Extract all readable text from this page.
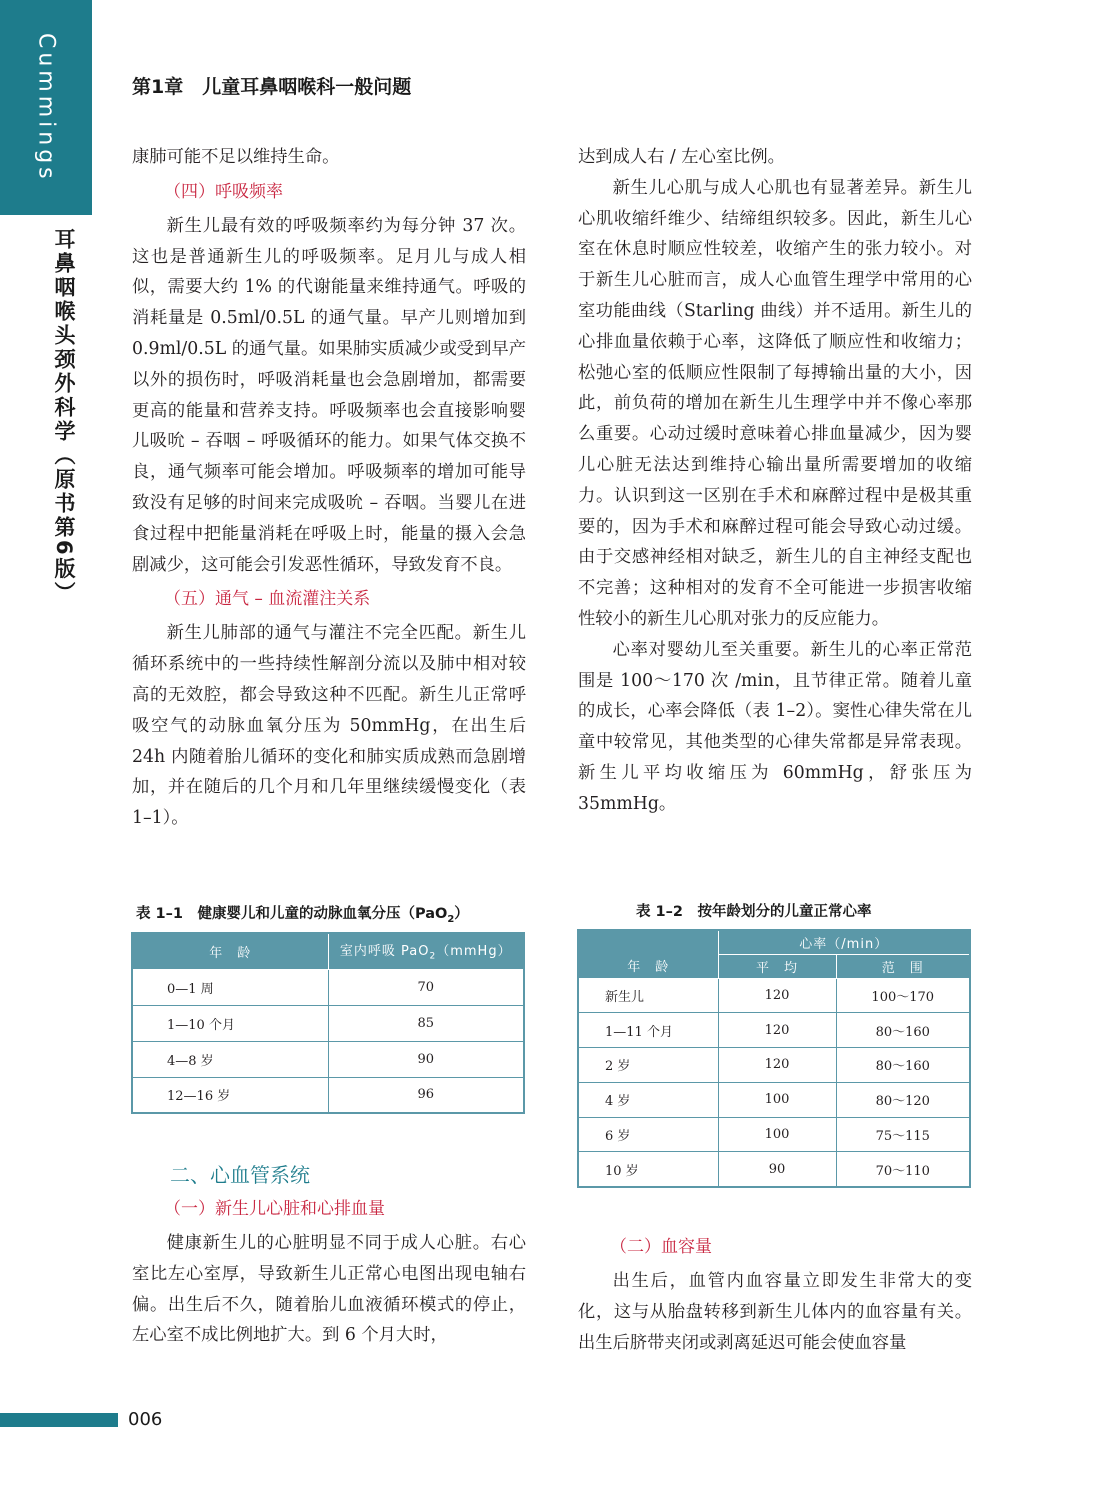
Cummings
耳鼻咽喉头颈外科学（原书第6版）
第1章　儿童耳鼻咽喉科一般问题

康肺可能不足以维持生命。

（四）呼吸频率

新生儿最有效的呼吸频率约为每分钟 37 次。这也是普通新生儿的呼吸频率。足月儿与成人相似，需要大约 1% 的代谢能量来维持通气。呼吸的消耗量是 0.5ml/0.5L 的通气量。早产儿则增加到 0.9ml/0.5L 的通气量。如果肺实质减少或受到早产以外的损伤时，呼吸消耗量也会急剧增加，都需要更高的能量和营养支持。呼吸频率也会直接影响婴儿吸吮 – 吞咽 – 呼吸循环的能力。如果气体交换不良，通气频率可能会增加。呼吸频率的增加可能导致没有足够的时间来完成吸吮 – 吞咽。当婴儿在进食过程中把能量消耗在呼吸上时，能量的摄入会急剧减少，这可能会引发恶性循环，导致发育不良。

（五）通气 – 血流灌注关系

新生儿肺部的通气与灌注不完全匹配。新生儿循环系统中的一些持续性解剖分流以及肺中相对较高的无效腔，都会导致这种不匹配。新生儿正常呼吸空气的动脉血氧分压为 50mmHg，在出生后 24h 内随着胎儿循环的变化和肺实质成熟而急剧增加，并在随后的几个月和几年里继续缓慢变化（表 1–1）。

表 1–1　健康婴儿和儿童的动脉血氧分压（PaO$_2$）
年　龄	室内呼吸 PaO$_2$（mmHg）
0—1 周	70
1—10 个月	85
4—8 岁	90
12—16 岁	96
二、心血管系统
（一）新生儿心脏和心排血量

健康新生儿的心脏明显不同于成人心脏。右心室比左心室厚，导致新生儿正常心电图出现电轴右偏。出生后不久，随着胎儿血液循环模式的停止，左心室不成比例地扩大。到 6 个月大时，

达到成人右 / 左心室比例。

新生儿心肌与成人心肌也有显著差异。新生儿心肌收缩纤维少、结缔组织较多。因此，新生儿心室在休息时顺应性较差，收缩产生的张力较小。对于新生儿心脏而言，成人心血管生理学中常用的心室功能曲线（Starling 曲线）并不适用。新生儿的心排血量依赖于心率，这降低了顺应性和收缩力；松弛心室的低顺应性限制了每搏输出量的大小，因此，前负荷的增加在新生儿生理学中并不像心率那么重要。心动过缓时意味着心排血量减少，因为婴儿心脏无法达到维持心输出量所需要增加的收缩力。认识到这一区别在手术和麻醉过程中是极其重要的，因为手术和麻醉过程可能会导致心动过缓。由于交感神经相对缺乏，新生儿的自主神经支配也不完善；这种相对的发育不全可能进一步损害收缩性较小的新生儿心肌对张力的反应能力。

心率对婴幼儿至关重要。新生儿的心率正常范围是 100～170 次 /min，且节律正常。随着儿童的成长，心率会降低（表 1–2）。窦性心律失常在儿童中较常见，其他类型的心律失常都是异常表现。新生儿平均收缩压为 60mmHg，舒张压为 35mmHg。

表 1–2　按年龄划分的儿童正常心率
年　龄	心率（/min）	
	平　均	范　围
新生儿	120	100～170
1—11 个月	120	80～160
2 岁	120	80～160
4 岁	100	80～120
6 岁	100	75～115
10 岁	90	70～110
（二）血容量

出生后，血管内血容量立即发生非常大的变化，这与从胎盘转移到新生儿体内的血容量有关。出生后脐带夹闭或剥离延迟可能会使血容量

006
